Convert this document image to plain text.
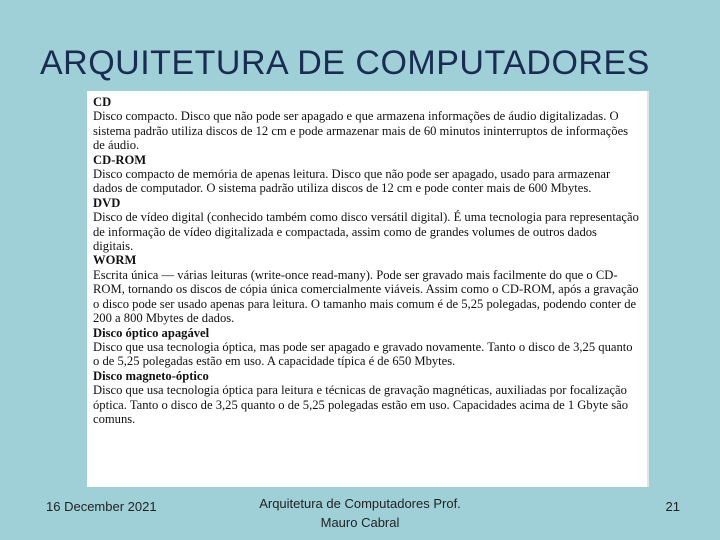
ARQUITETURA DE COMPUTADORES
CD
Disco compacto. Disco que não pode ser apagado e que armazena informações de áudio digitalizadas. O sistema padrão utiliza discos de 12 cm e pode armazenar mais de 60 minutos ininterruptos de informações de áudio.
CD-ROM
Disco compacto de memória de apenas leitura. Disco que não pode ser apagado, usado para armazenar dados de computador. O sistema padrão utiliza discos de 12 cm e pode conter mais de 600 Mbytes.
DVD
Disco de vídeo digital (conhecido também como disco versátil digital). É uma tecnologia para representação de informação de vídeo digitalizada e compactada, assim como de grandes volumes de outros dados digitais.
WORM
Escrita única — várias leituras (write-once read-many). Pode ser gravado mais facilmente do que o CD-ROM, tornando os discos de cópia única comercialmente viáveis. Assim como o CD-ROM, após a gravação o disco pode ser usado apenas para leitura. O tamanho mais comum é de 5,25 polegadas, podendo conter de 200 a 800 Mbytes de dados.
Disco óptico apagável
Disco que usa tecnologia óptica, mas pode ser apagado e gravado novamente. Tanto o disco de 3,25 quanto o de 5,25 polegadas estão em uso. A capacidade típica é de 650 Mbytes.
Disco magneto-óptico
Disco que usa tecnologia óptica para leitura e técnicas de gravação magnéticas, auxiliadas por focalização óptica. Tanto o disco de 3,25 quanto o de 5,25 polegadas estão em uso. Capacidades acima de 1 Gbyte são comuns.
16 December 2021	Arquitetura de Computadores Prof. Mauro Cabral
21
